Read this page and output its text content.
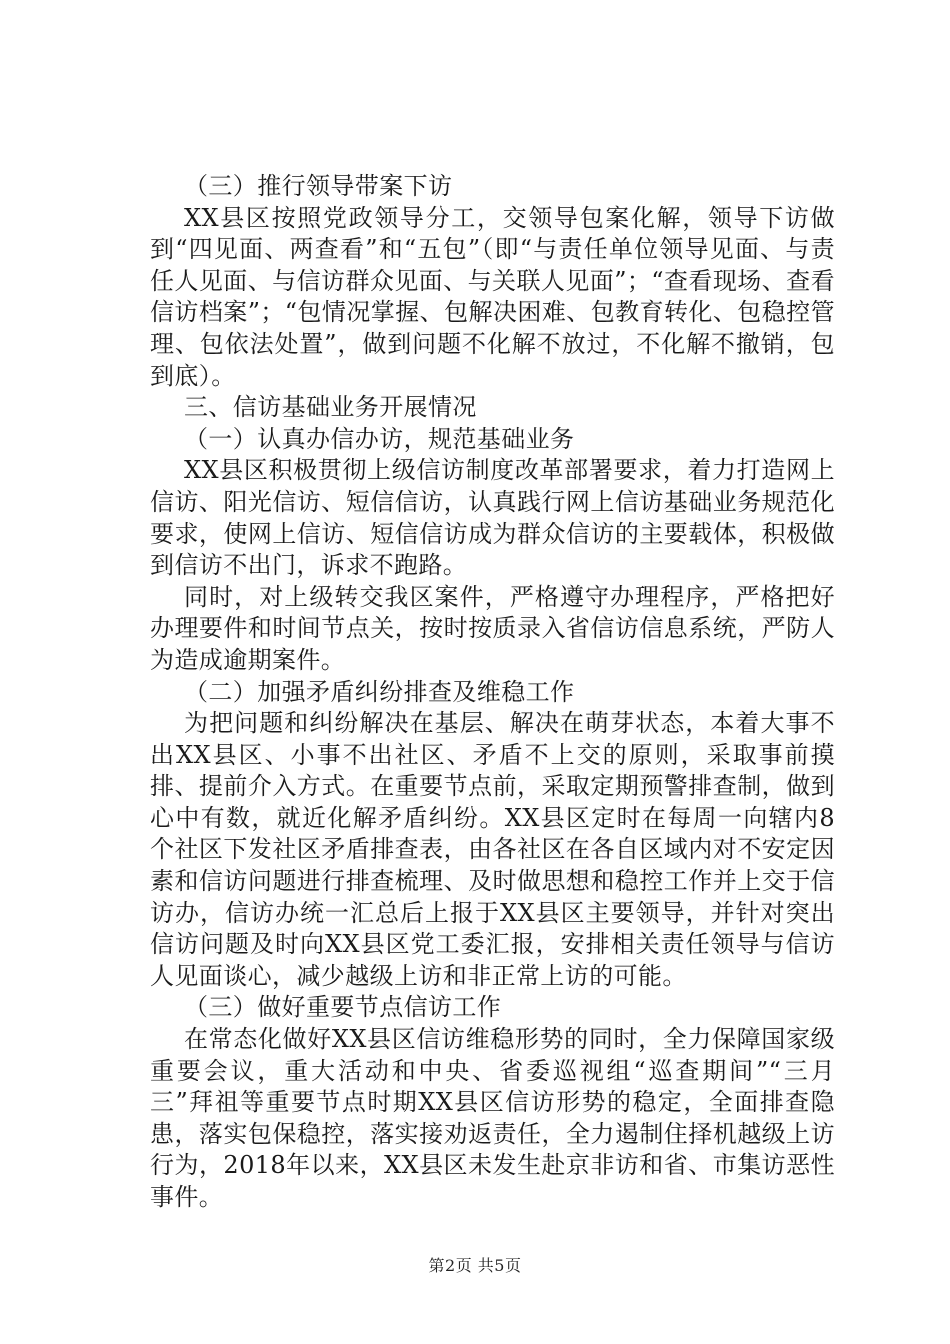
（三）推行领导带案下访

XX县区按照党政领导分工，交领导包案化解，领导下访做到“四见面、两查看”和“五包”（即“与责任单位领导见面、与责任人见面、与信访群众见面、与关联人见面”；“查看现场、查看信访档案”；“包情况掌握、包解决困难、包教育转化、包稳控管理、包依法处置”，做到问题不化解不放过，不化解不撤销，包到底）。

三、信访基础业务开展情况

（一）认真办信办访，规范基础业务

XX县区积极贯彻上级信访制度改革部署要求，着力打造网上信访、阳光信访、短信信访，认真践行网上信访基础业务规范化要求，使网上信访、短信信访成为群众信访的主要载体，积极做到信访不出门，诉求不跑路。

同时，对上级转交我区案件，严格遵守办理程序，严格把好办理要件和时间节点关，按时按质录入省信访信息系统，严防人为造成逾期案件。

（二）加强矛盾纠纷排查及维稳工作

为把问题和纠纷解决在基层、解决在萌芽状态，本着大事不出XX县区、小事不出社区、矛盾不上交的原则，采取事前摸排、提前介入方式。在重要节点前，采取定期预警排查制，做到心中有数，就近化解矛盾纠纷。XX县区定时在每周一向辖内8个社区下发社区矛盾排查表，由各社区在各自区域内对不安定因素和信访问题进行排查梳理、及时做思想和稳控工作并上交于信访办，信访办统一汇总后上报于XX县区主要领导，并针对突出信访问题及时向XX县区党工委汇报，安排相关责任领导与信访人见面谈心，减少越级上访和非正常上访的可能。

（三）做好重要节点信访工作

在常态化做好XX县区信访维稳形势的同时，全力保障国家级重要会议，重大活动和中央、省委巡视组“巡查期间”“三月三”拜祖等重要节点时期XX县区信访形势的稳定，全面排查隐患，落实包保稳控，落实接劝返责任，全力遏制住择机越级上访行为，2018年以来，XX县区未发生赴京非访和省、市集访恶性事件。

第2页 共5页
